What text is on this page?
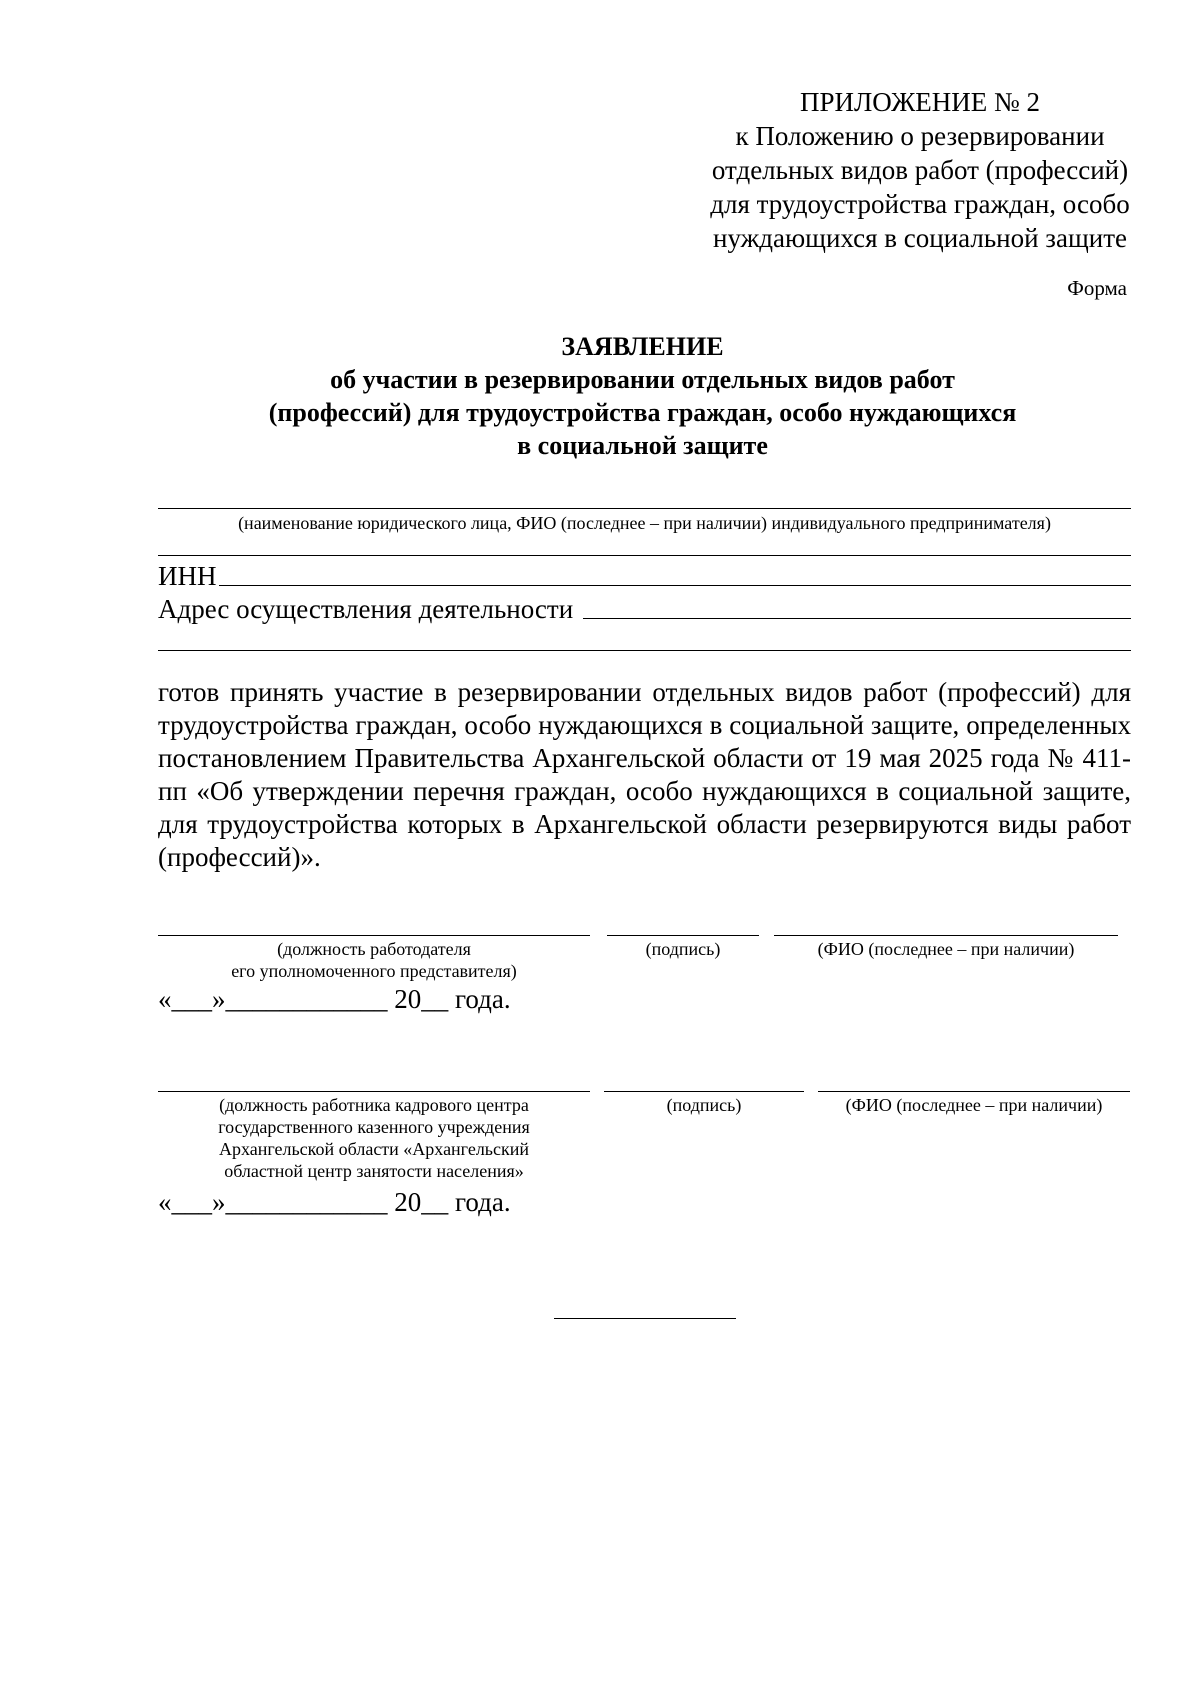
ПРИЛОЖЕНИЕ № 2
к Положению о резервировании
отдельных видов работ (профессий)
для трудоустройства граждан, особо
нуждающихся в социальной защите
Форма
ЗАЯВЛЕНИЕ
об участии в резервировании отдельных видов работ
(профессий) для трудоустройства граждан, особо нуждающихся
в социальной защите
(наименование юридического лица, ФИО (последнее – при наличии) индивидуального предпринимателя)
ИНН
Адрес осуществления деятельности
готов принять участие в резервировании отдельных видов работ (профессий) для трудоустройства граждан, особо нуждающихся в социальной защите, определенных постановлением Правительства Архангельской области от 19 мая 2025 года № 411-пп «Об утверждении перечня граждан, особо нуждающихся в социальной защите, для трудоустройства которых в Архангельской области резервируются виды работ (профессий)».
(должность работодателя
его уполномоченного представителя)
(подпись)	(ФИО (последнее – при наличии)
«___»____________ 20__ года.
(должность работника кадрового центра
государственного казенного учреждения
Архангельской области «Архангельский
областной центр занятости населения»
(подпись)	(ФИО (последнее – при наличии)
«___»____________ 20__ года.
